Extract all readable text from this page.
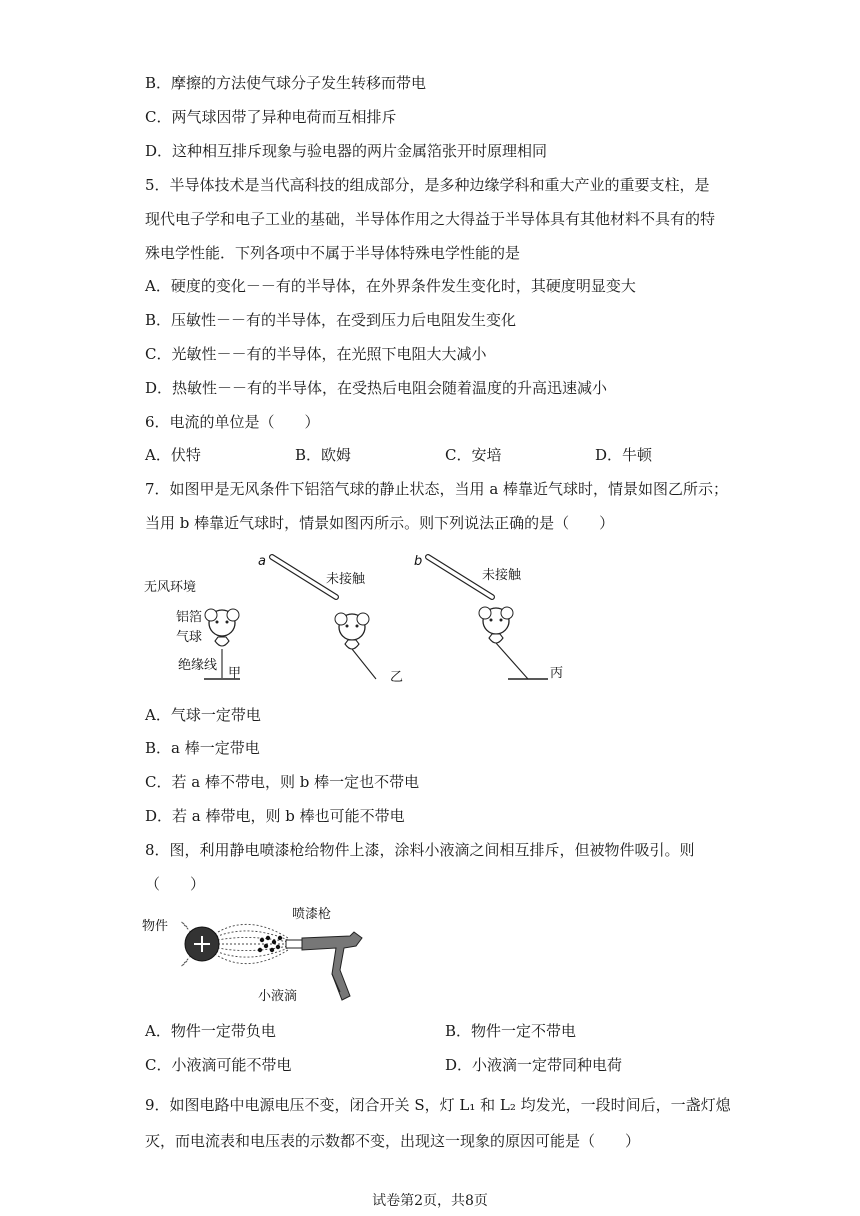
B．摩擦的方法使气球分子发生转移而带电
C．两气球因带了异种电荷而互相排斥
D．这种相互排斥现象与验电器的两片金属箔张开时原理相同
5．半导体技术是当代高科技的组成部分，是多种边缘学科和重大产业的重要支柱，是
现代电子学和电子工业的基础，半导体作用之大得益于半导体具有其他材料不具有的特
殊电学性能．下列各项中不属于半导体特殊电学性能的是
A．硬度的变化－－有的半导体，在外界条件发生变化时，其硬度明显变大
B．压敏性－－有的半导体，在受到压力后电阻发生变化
C．光敏性－－有的半导体，在光照下电阻大大减小
D．热敏性－－有的半导体，在受热后电阻会随着温度的升高迅速减小
6．电流的单位是（　　）
A．伏特	B．欧姆	C．安培	D．牛顿
7．如图甲是无风条件下铝箔气球的静止状态，当用 a 棒靠近气球时，情景如图乙所示；
当用 b 棒靠近气球时，情景如图丙所示。则下列说法正确的是（　　）
无风环境
铝箔
气球
绝缘线
甲
a
未接触
乙
b
未接触
丙
A．气球一定带电
B．a 棒一定带电
C．若 a 棒不带电，则 b 棒一定也不带电
D．若 a 棒带电，则 b 棒也可能不带电
8．图，利用静电喷漆枪给物件上漆，涂料小液滴之间相互排斥，但被物件吸引。则
（　　）
物件
喷漆枪
小液滴
A．物件一定带负电	B．物件一定不带电
C．小液滴可能不带电	D．小液滴一定带同种电荷
9．如图电路中电源电压不变，闭合开关 S，灯 L₁ 和 L₂ 均发光，一段时间后，一盏灯熄
灭，而电流表和电压表的示数都不变，出现这一现象的原因可能是（　　）
试卷第2页，共8页
